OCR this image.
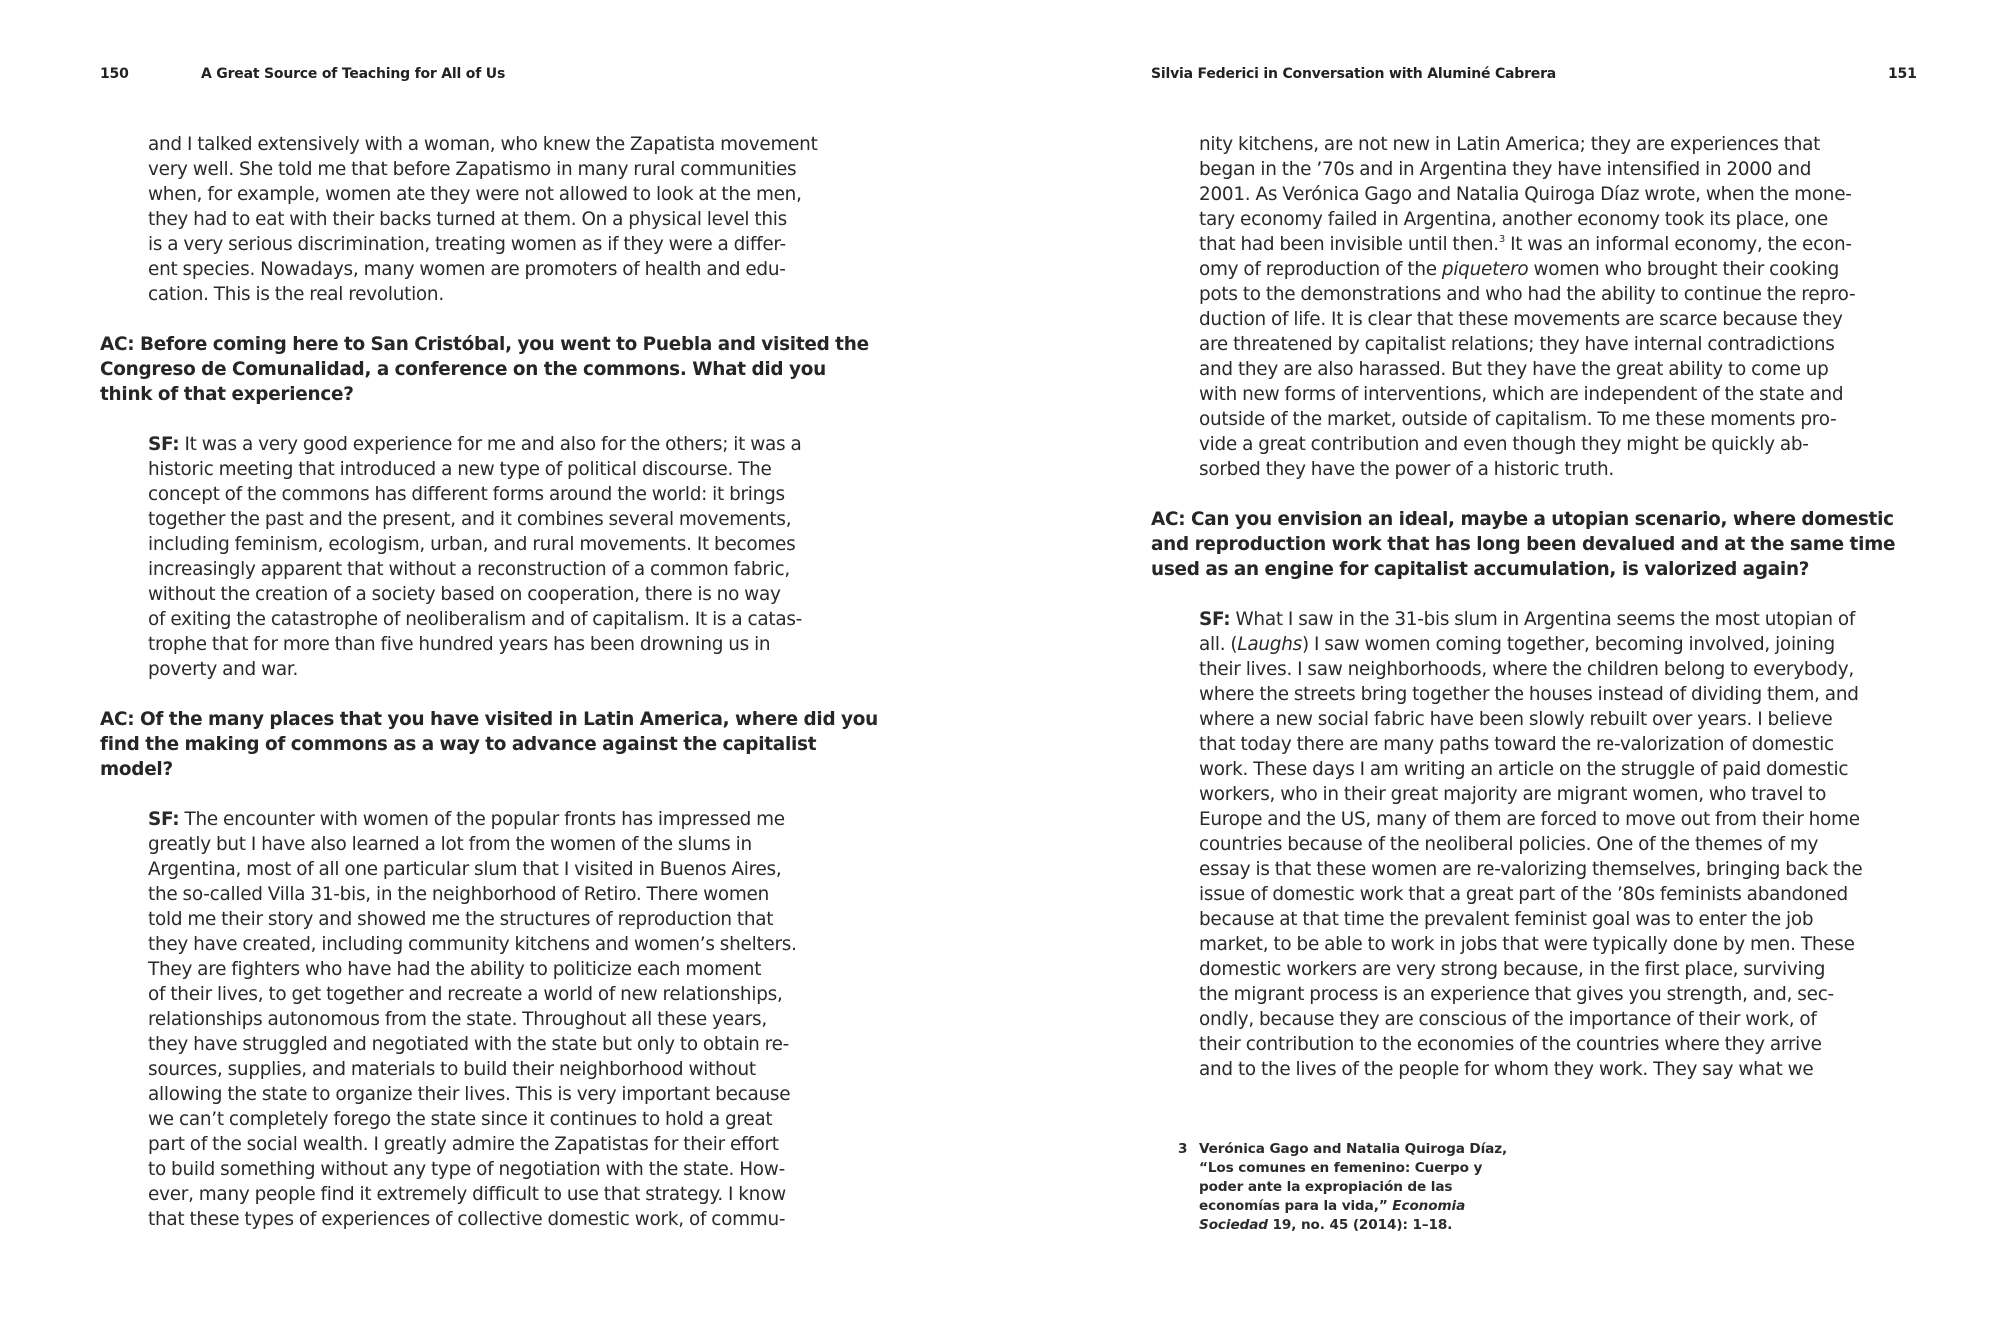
150	A Great Source of Teaching for All of Us
and I talked extensively with a woman, who knew the Zapatista movement
very well. She told me that before Zapatismo in many rural communities
when, for example, women ate they were not allowed to look at the men,
they had to eat with their backs turned at them. On a physical level this
is a very serious discrimination, treating women as if they were a differ-
ent species. Nowadays, many women are promoters of health and edu-
cation. This is the real revolution.
AC: Before coming here to San Cristóbal, you went to Puebla and visited the
Congreso de Comunalidad, a conference on the commons. What did you
think of that experience?
SF: It was a very good experience for me and also for the others; it was a
historic meeting that introduced a new type of political discourse. The
concept of the commons has different forms around the world: it brings
together the past and the present, and it combines several movements,
including feminism, ecologism, urban, and rural movements. It becomes
increasingly apparent that without a reconstruction of a common fabric,
without the creation of a society based on cooperation, there is no way
of exiting the catastrophe of neoliberalism and of capitalism. It is a catas-
trophe that for more than five hundred years has been drowning us in
poverty and war.
AC: Of the many places that you have visited in Latin America, where did you
find the making of commons as a way to advance against the capitalist
model?
SF: The encounter with women of the popular fronts has impressed me
greatly but I have also learned a lot from the women of the slums in
Argentina, most of all one particular slum that I visited in Buenos Aires,
the so-called Villa 31-bis, in the neighborhood of Retiro. There women
told me their story and showed me the structures of reproduction that
they have created, including community kitchens and women’s shelters.
They are fighters who have had the ability to politicize each moment
of their lives, to get together and recreate a world of new relationships,
relationships autonomous from the state. Throughout all these years,
they have struggled and negotiated with the state but only to obtain re-
sources, supplies, and materials to build their neighborhood without
allowing the state to organize their lives. This is very important because
we can’t completely forego the state since it continues to hold a great
part of the social wealth. I greatly admire the Zapatistas for their effort
to build something without any type of negotiation with the state. How-
ever, many people find it extremely difficult to use that strategy. I know
that these types of experiences of collective domestic work, of commu-
Silvia Federici in Conversation with Aluminé Cabrera	151
nity kitchens, are not new in Latin America; they are experiences that
began in the ’70s and in Argentina they have intensified in 2000 and
2001. As Verónica Gago and Natalia Quiroga Díaz wrote, when the mone-
tary economy failed in Argentina, another economy took its place, one
that had been invisible until then.$^3$ It was an informal economy, the econ-
omy of reproduction of the piquetero women who brought their cooking
pots to the demonstrations and who had the ability to continue the repro-
duction of life. It is clear that these movements are scarce because they
are threatened by capitalist relations; they have internal contradictions
and they are also harassed. But they have the great ability to come up
with new forms of interventions, which are independent of the state and
outside of the market, outside of capitalism. To me these moments pro-
vide a great contribution and even though they might be quickly ab-
sorbed they have the power of a historic truth.
AC: Can you envision an ideal, maybe a utopian scenario, where domestic
and reproduction work that has long been devalued and at the same time
used as an engine for capitalist accumulation, is valorized again?
SF: What I saw in the 31-bis slum in Argentina seems the most utopian of
all. (Laughs) I saw women coming together, becoming involved, joining
their lives. I saw neighborhoods, where the children belong to everybody,
where the streets bring together the houses instead of dividing them, and
where a new social fabric have been slowly rebuilt over years. I believe
that today there are many paths toward the re-valorization of domestic
work. These days I am writing an article on the struggle of paid domestic
workers, who in their great majority are migrant women, who travel to
Europe and the US, many of them are forced to move out from their home
countries because of the neoliberal policies. One of the themes of my
essay is that these women are re-valorizing themselves, bringing back the
issue of domestic work that a great part of the ’80s feminists abandoned
because at that time the prevalent feminist goal was to enter the job
market, to be able to work in jobs that were typically done by men. These
domestic workers are very strong because, in the first place, surviving
the migrant process is an experience that gives you strength, and, sec-
ondly, because they are conscious of the importance of their work, of
their contribution to the economies of the countries where they arrive
and to the lives of the people for whom they work. They say what we
3 Verónica Gago and Natalia Quiroga Díaz,
“Los comunes en femenino: Cuerpo y
poder ante la expropiación de las
economías para la vida,” Economia
Sociedad 19, no. 45 (2014): 1–18.
